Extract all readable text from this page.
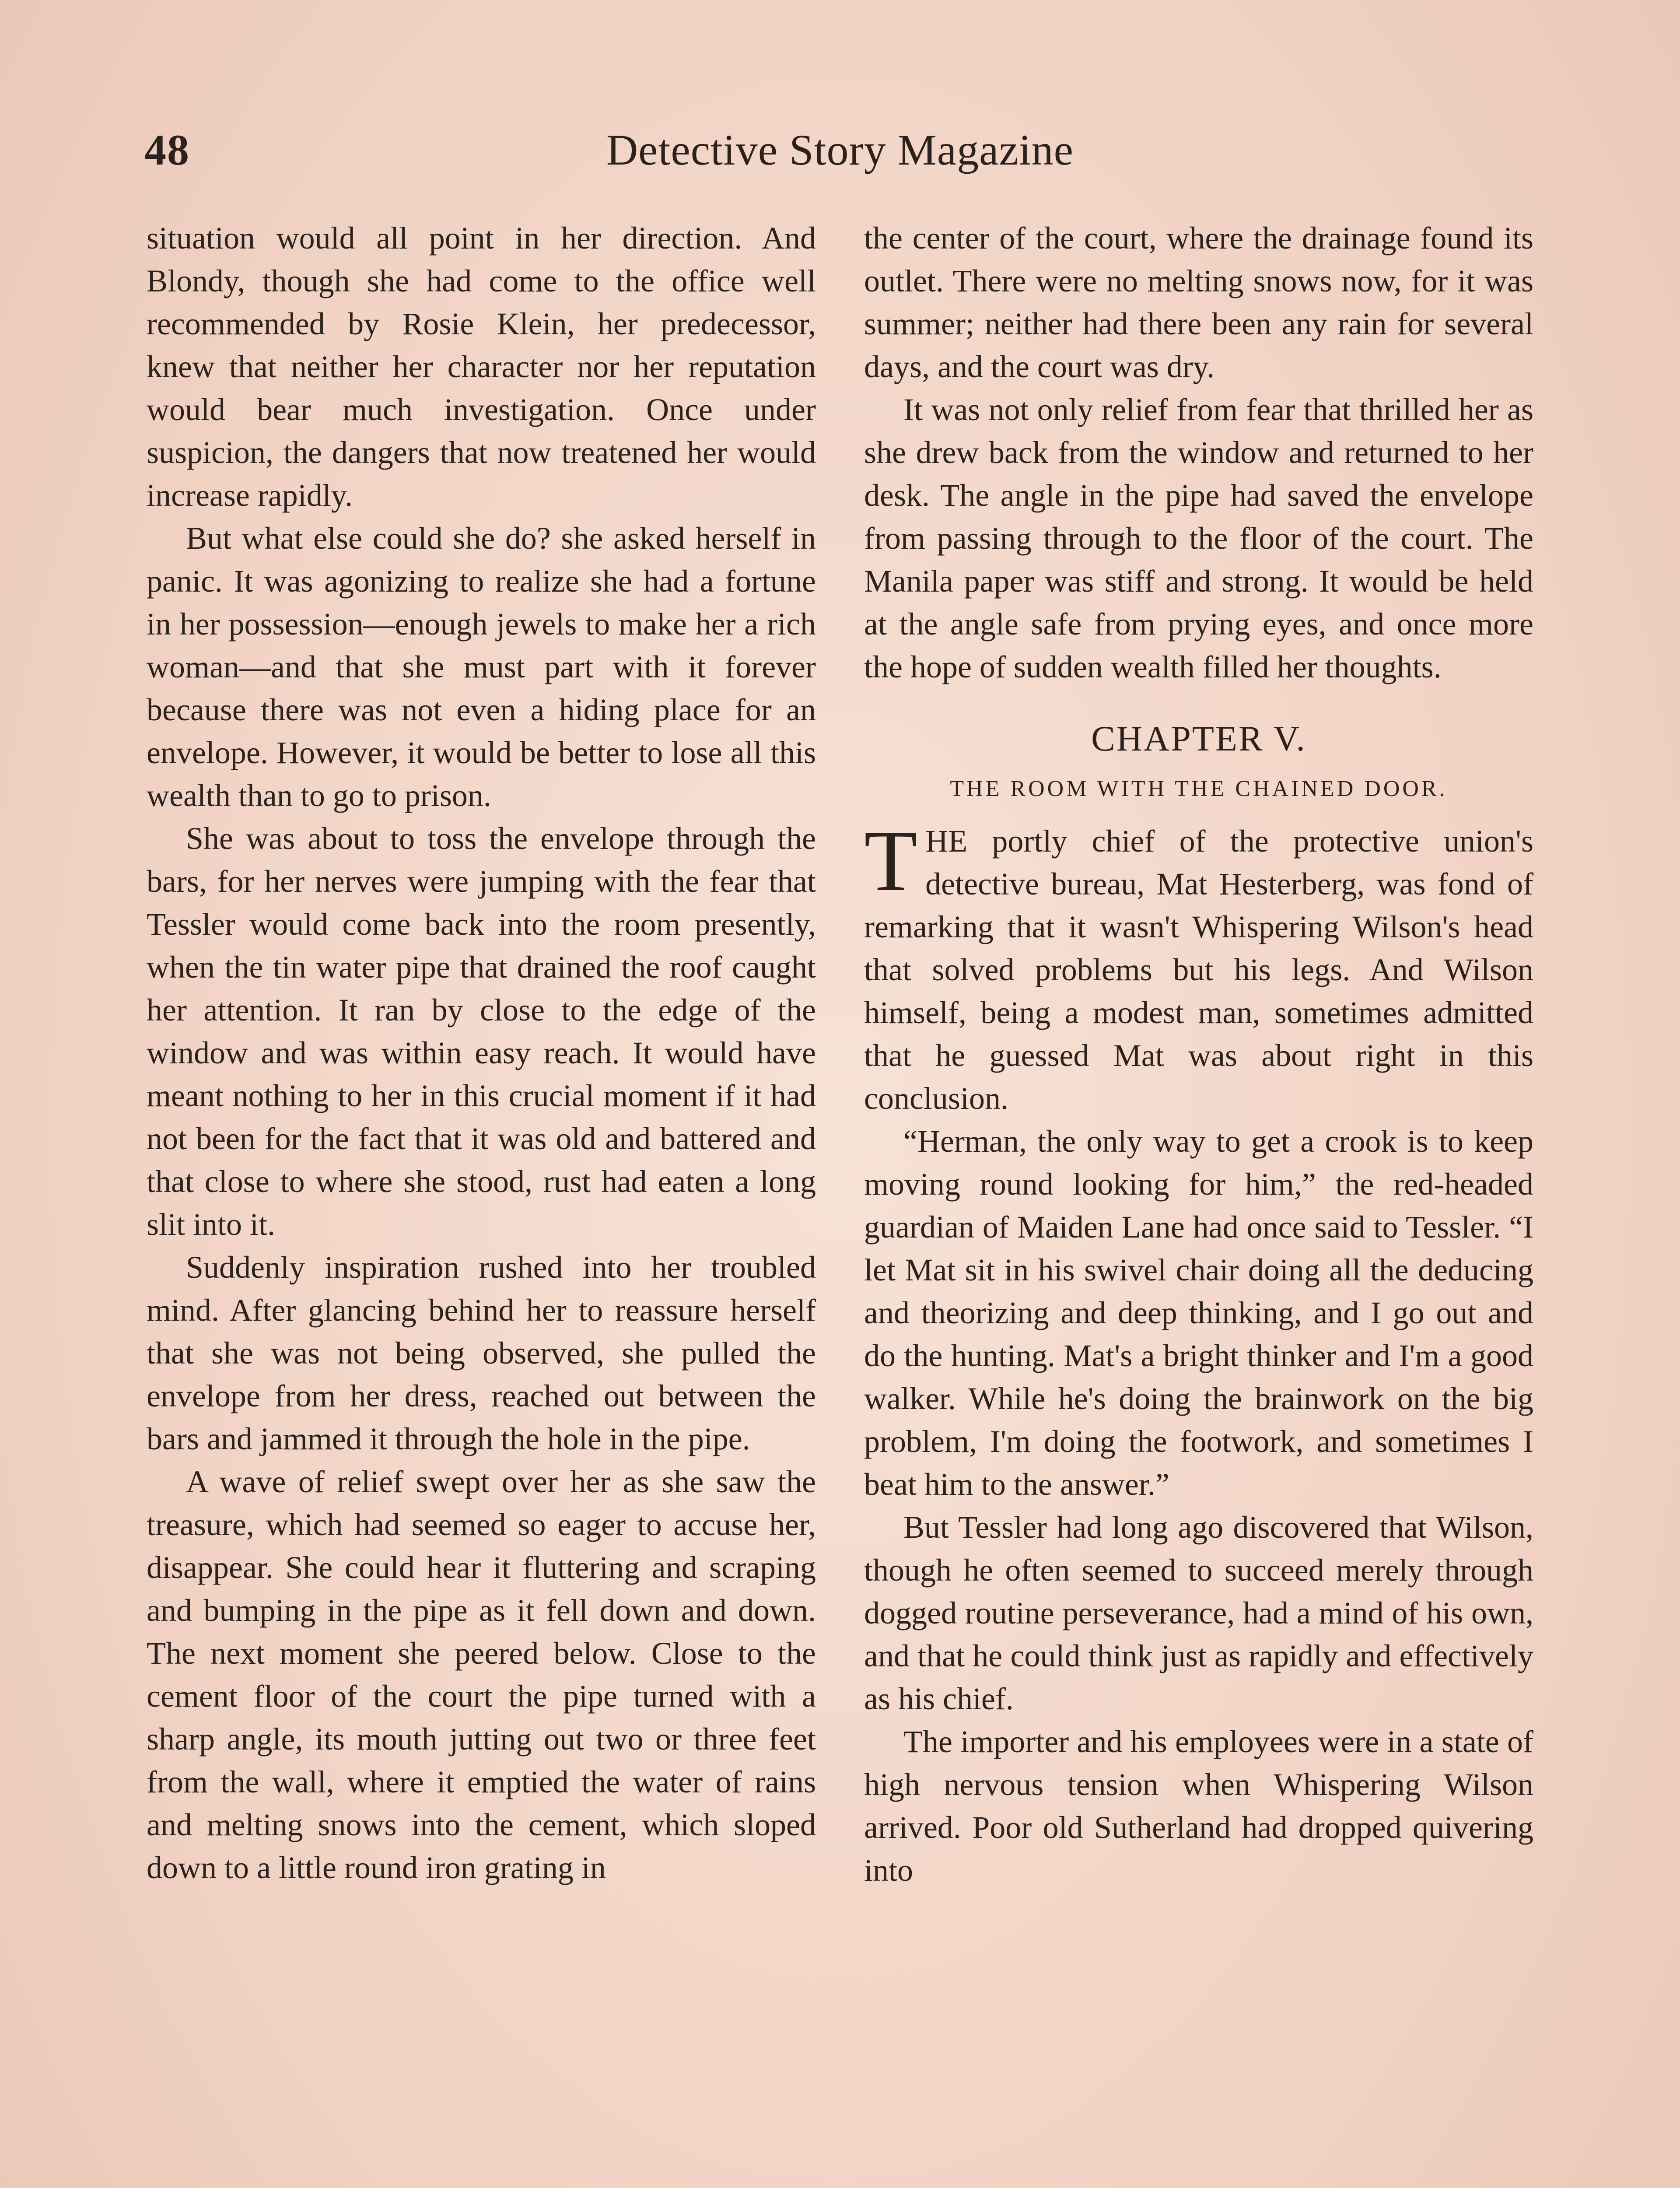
48	Detective Story Magazine

situation would all point in her direction. And Blondy, though she had come to the office well recommended by Rosie Klein, her predecessor, knew that neither her character nor her reputation would bear much investigation. Once under suspicion, the dangers that now treatened her would increase rapidly.

But what else could she do? she asked herself in panic. It was agonizing to realize she had a fortune in her possession—enough jewels to make her a rich woman—and that she must part with it forever because there was not even a hiding place for an envelope. However, it would be better to lose all this wealth than to go to prison.

She was about to toss the envelope through the bars, for her nerves were jumping with the fear that Tessler would come back into the room presently, when the tin water pipe that drained the roof caught her attention. It ran by close to the edge of the window and was within easy reach. It would have meant nothing to her in this crucial moment if it had not been for the fact that it was old and battered and that close to where she stood, rust had eaten a long slit into it.

Suddenly inspiration rushed into her troubled mind. After glancing behind her to reassure herself that she was not being observed, she pulled the envelope from her dress, reached out between the bars and jammed it through the hole in the pipe.

A wave of relief swept over her as she saw the treasure, which had seemed so eager to accuse her, disappear. She could hear it fluttering and scraping and bumping in the pipe as it fell down and down. The next moment she peered below. Close to the cement floor of the court the pipe turned with a sharp angle, its mouth jutting out two or three feet from the wall, where it emptied the water of rains and melting snows into the cement, which sloped down to a little round iron grating in

the center of the court, where the drainage found its outlet. There were no melting snows now, for it was summer; neither had there been any rain for several days, and the court was dry.

It was not only relief from fear that thrilled her as she drew back from the window and returned to her desk. The angle in the pipe had saved the envelope from passing through to the floor of the court. The Manila paper was stiff and strong. It would be held at the angle safe from prying eyes, and once more the hope of sudden wealth filled her thoughts.

CHAPTER V.
THE ROOM WITH THE CHAINED DOOR.

THE portly chief of the protective union's detective bureau, Mat Hesterberg, was fond of remarking that it wasn't Whispering Wilson's head that solved problems but his legs. And Wilson himself, being a modest man, sometimes admitted that he guessed Mat was about right in this conclusion.

“Herman, the only way to get a crook is to keep moving round looking for him,” the red-headed guardian of Maiden Lane had once said to Tessler. “I let Mat sit in his swivel chair doing all the deducing and theorizing and deep thinking, and I go out and do the hunting. Mat's a bright thinker and I'm a good walker. While he's doing the brainwork on the big problem, I'm doing the footwork, and sometimes I beat him to the answer.”

But Tessler had long ago discovered that Wilson, though he often seemed to succeed merely through dogged routine perseverance, had a mind of his own, and that he could think just as rapidly and effectively as his chief.

The importer and his employees were in a state of high nervous tension when Whispering Wilson arrived. Poor old Sutherland had dropped quivering into
